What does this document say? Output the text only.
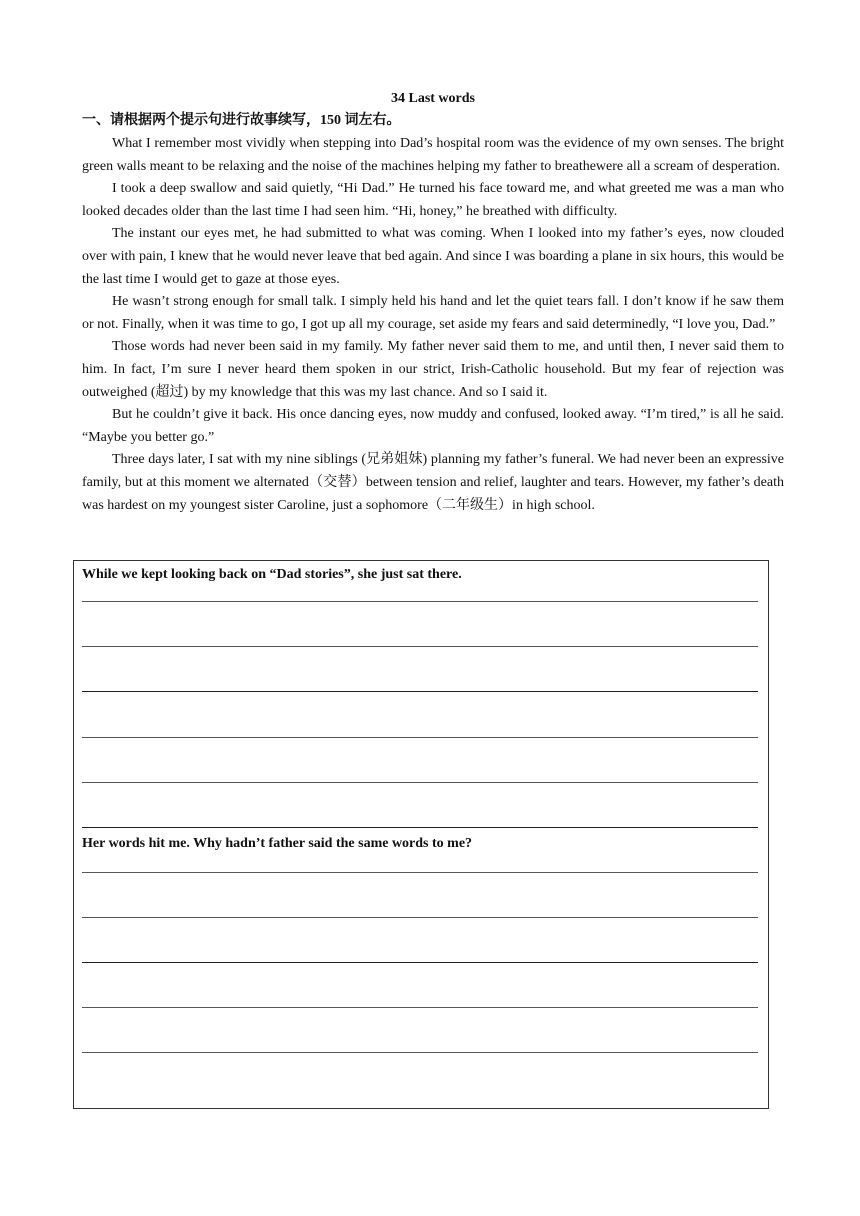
34 Last words
一、请根据两个提示句进行故事续写，150 词左右。

What I remember most vividly when stepping into Dad’s hospital room was the evidence of my own senses. The bright green walls meant to be relaxing and the noise of the machines helping my father to breathewere all a scream of desperation.

I took a deep swallow and said quietly, “Hi Dad.” He turned his face toward me, and what greeted me was a man who looked decades older than the last time I had seen him. “Hi, honey,” he breathed with difficulty.

The instant our eyes met, he had submitted to what was coming. When I looked into my father’s eyes, now clouded over with pain, I knew that he would never leave that bed again. And since I was boarding a plane in six hours, this would be the last time I would get to gaze at those eyes.

He wasn’t strong enough for small talk. I simply held his hand and let the quiet tears fall. I don’t know if he saw them or not. Finally, when it was time to go, I got up all my courage, set aside my fears and said determinedly, “I love you, Dad.”

Those words had never been said in my family. My father never said them to me, and until then, I never said them to him. In fact, I’m sure I never heard them spoken in our strict, Irish-Catholic household. But my fear of rejection was outweighed (超过) by my knowledge that this was my last chance. And so I said it.

But he couldn’t give it back. His once dancing eyes, now muddy and confused, looked away. “I’m tired,” is all he said. “Maybe you better go.”

Three days later, I sat with my nine siblings (兄弟姐妹) planning my father’s funeral. We had never been an expressive family, but at this moment we alternated（交替）between tension and relief, laughter and tears. However, my father’s death was hardest on my youngest sister Caroline, just a sophomore（二年级生）in high school.

While we kept looking back on “Dad stories”, she just sat there.
Her words hit me. Why hadn’t father said the same words to me?
